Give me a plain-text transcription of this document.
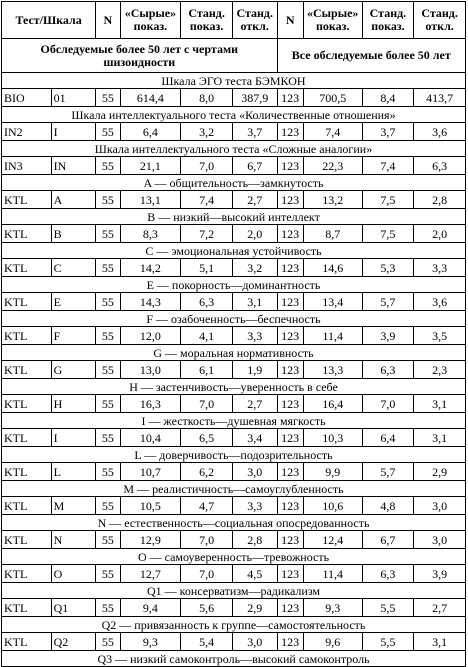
Тест/Шкала		N	«Сырые» показ.	Станд. показ.	Станд. откл.	N	«Сырые» показ.	Станд. показ.	Станд. откл.
Обследуемые более 50 лет с чертами шизоидности						Все обследуемые более 50 лет			
Шкала ЭГО теста БЭМКОН									
BIO	01	55	614,4	8,0	387,9	123	700,5	8,4	413,7
Шкала интеллектуального теста «Количественные отношения»									
IN2	I	55	6,4	3,2	3,7	123	7,4	3,7	3,6
Шкала интеллектуального теста «Сложные аналогии»									
IN3	IN	55	21,1	7,0	6,7	123	22,3	7,4	6,3
A — общительность—замкнутость									
KTL	A	55	13,1	7,4	2,7	123	13,2	7,5	2,8
B — низкий—высокий интеллект									
KTL	B	55	8,3	7,2	2,0	123	8,7	7,5	2,0
C — эмоциональная устойчивость									
KTL	C	55	14,2	5,1	3,2	123	14,6	5,3	3,3
E — покорность—доминантность									
KTL	E	55	14,3	6,3	3,1	123	13,4	5,7	3,6
F — озабоченность—беспечность									
KTL	F	55	12,0	4,1	3,3	123	11,4	3,9	3,5
G — моральная нормативность									
KTL	G	55	13,0	6,1	1,9	123	13,3	6,3	2,3
H — застенчивость—уверенность в себе									
KTL	H	55	16,3	7,0	2,7	123	16,4	7,0	3,1
I — жесткость—душевная мягкость									
KTL	I	55	10,4	6,5	3,4	123	10,3	6,4	3,1
L — доверчивость—подозрительность									
KTL	L	55	10,7	6,2	3,0	123	9,9	5,7	2,9
M — реалистичность—самоуглубленность									
KTL	M	55	10,5	4,7	3,3	123	10,6	4,8	3,0
N — естественность—социальная опосредованность									
KTL	N	55	12,9	7,0	2,8	123	12,4	6,7	3,0
O — самоуверенность—тревожность									
KTL	O	55	12,7	7,0	4,5	123	11,4	6,3	3,9
Q1 — консерватизм—радикализм									
KTL	Q1	55	9,4	5,6	2,9	123	9,3	5,5	2,7
Q2 — привязанность к группе—самостоятельность									
KTL	Q2	55	9,3	5,4	3,0	123	9,6	5,5	3,1
Q3 — низкий самоконтроль—высокий самоконтроль									
